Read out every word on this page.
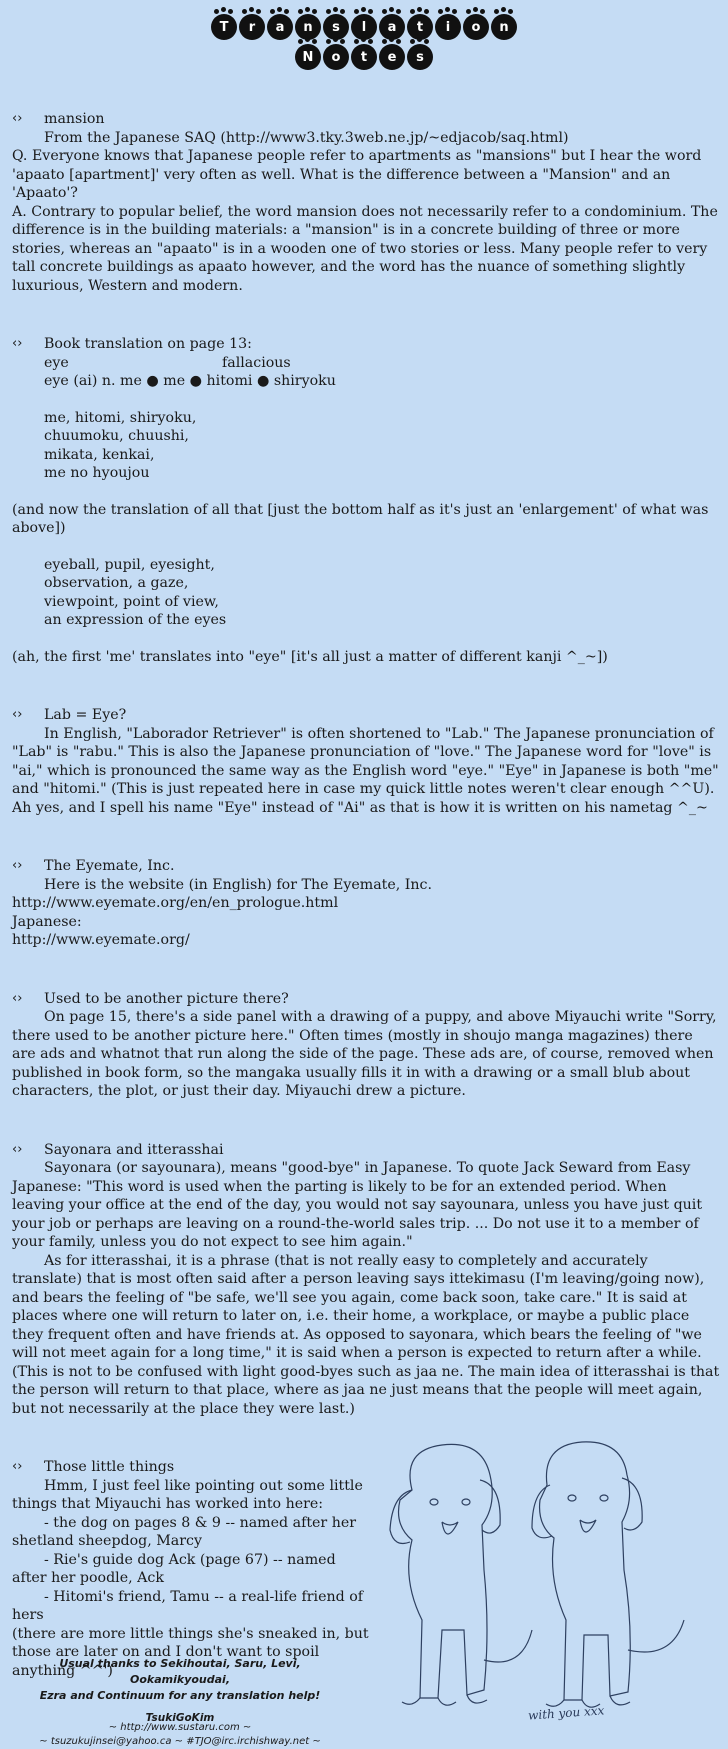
T	r	a	n	s	l	a	t	i	o	n
N	o	t	e	s
‹›	mansion

From the Japanese SAQ (http://www3.tky.3web.ne.jp/~edjacob/saq.html)

Q. Everyone knows that Japanese people refer to apartments as "mansions" but I hear the word 'apaato [apartment]' very often as well. What is the difference between a "Mansion" and an 'Apaato'?

A. Contrary to popular belief, the word mansion does not necessarily refer to a condominium. The difference is in the building materials: a "mansion" is in a concrete building of three or more stories, whereas an "apaato" is in a wooden one of two stories or less. Many people refer to very tall concrete buildings as apaato however, and the word has the nuance of something slightly luxurious, Western and modern.

‹›	Book translation on page 13:
eye	fallacious

eye (ai) n. me ● me ● hitomi ● shiryoku

me, hitomi, shiryoku,

chuumoku, chuushi,

mikata, kenkai,

me no hyoujou

(and now the translation of all that [just the bottom half as it's just an 'enlargement' of what was above])

eyeball, pupil, eyesight,

observation, a gaze,

viewpoint, point of view,

an expression of the eyes

(ah, the first 'me' translates into "eye" [it's all just a matter of different kanji ^_~])

‹›	Lab = Eye?

In English, "Laborador Retriever" is often shortened to "Lab." The Japanese pronunciation of "Lab" is "rabu." This is also the Japanese pronunciation of "love." The Japanese word for "love" is "ai," which is pronounced the same way as the English word "eye." "Eye" in Japanese is both "me" and "hitomi." (This is just repeated here in case my quick little notes weren't clear enough ^^U). Ah yes, and I spell his name "Eye" instead of "Ai" as that is how it is written on his nametag ^_~

‹›	The Eyemate, Inc.

Here is the website (in English) for The Eyemate, Inc.

http://www.eyemate.org/en/en_prologue.html

Japanese:

http://www.eyemate.org/

‹›	Used to be another picture there?

On page 15, there's a side panel with a drawing of a puppy, and above Miyauchi write "Sorry, there used to be another picture here." Often times (mostly in shoujo manga magazines) there are ads and whatnot that run along the side of the page. These ads are, of course, removed when published in book form, so the mangaka usually fills it in with a drawing or a small blub about characters, the plot, or just their day. Miyauchi drew a picture.

‹›	Sayonara and itterasshai

Sayonara (or sayounara), means "good-bye" in Japanese. To quote Jack Seward from Easy Japanese: "This word is used when the parting is likely to be for an extended period. When leaving your office at the end of the day, you would not say sayounara, unless you have just quit your job or perhaps are leaving on a round-the-world sales trip. ... Do not use it to a member of your family, unless you do not expect to see him again."

As for itterasshai, it is a phrase (that is not really easy to completely and accurately translate) that is most often said after a person leaving says ittekimasu (I'm leaving/going now), and bears the feeling of "be safe, we'll see you again, come back soon, take care." It is said at places where one will return to later on, i.e. their home, a workplace, or maybe a public place they frequent often and have friends at. As opposed to sayonara, which bears the feeling of "we will not meet again for a long time," it is said when a person is expected to return after a while. (This is not to be confused with light good-byes such as jaa ne. The main idea of itterasshai is that the person will return to that place, where as jaa ne just means that the people will meet again, but not necessarily at the place they were last.)

‹›	Those little things

Hmm, I just feel like pointing out some little things that Miyauchi has worked into here:

- the dog on pages 8 & 9 -- named after her shetland sheepdog, Marcy

- Rie's guide dog Ack (page 67) -- named after her poodle, Ack

- Hitomi's friend, Tamu -- a real-life friend of hers

(there are more little things she's sneaked in, but those are later on and I don't want to spoil anything ^^')

Usual thanks to Sekihoutai, Saru, Levi, Ookamikyoudai,
Ezra and Continuum for any translation help!
TsukiGoKim
~ http://www.sustaru.com ~
~ tsuzukujinsei@yahoo.ca ~ #TJO@irc.irchishway.net ~
with you xxx
